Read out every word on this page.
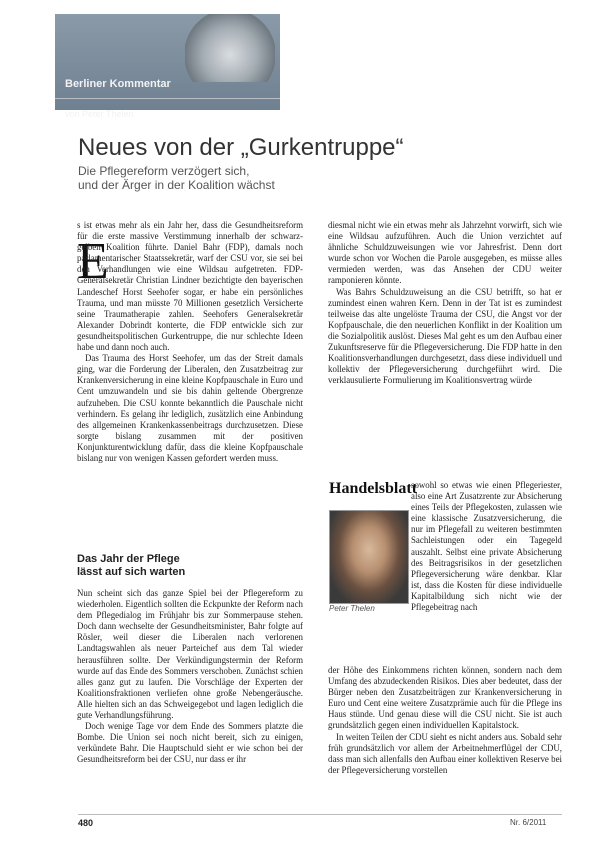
Berliner Kommentar
von Peter Thelen
Neues von der „Gurkentruppe“
Die Pflegereform verzögert sich,
und der Ärger in der Koalition wächst
E

s ist etwas mehr als ein Jahr her, dass die Gesundheitsreform für die erste massive Verstimmung innerhalb der schwarz-gelben Koalition führte. Daniel Bahr (FDP), damals noch parlamentarischer Staatssekretär, warf der CSU vor, sie sei bei den Verhandlungen wie eine Wildsau aufgetreten. FDP-Generalsekretär Christian Lindner bezichtigte den bayerischen Landeschef Horst Seehofer sogar, er habe ein persönliches Trauma, und man müsste 70 Millionen gesetzlich Versicherte seine Traumatherapie zahlen. Seehofers Generalsekretär Alexander Dobrindt konterte, die FDP entwickle sich zur gesundheitspolitischen Gurkentruppe, die nur schlechte Ideen habe und dann noch auch.

Das Trauma des Horst Seehofer, um das der Streit damals ging, war die Forderung der Liberalen, den Zusatzbeitrag zur Krankenversicherung in eine kleine Kopfpauschale in Euro und Cent umzuwandeln und sie bis dahin geltende Obergrenze aufzuheben. Die CSU konnte bekanntlich die Pauschale nicht verhindern. Es gelang ihr lediglich, zusätzlich eine Anbindung des allgemeinen Krankenkassenbeitrags durchzusetzen. Diese sorgte bislang zusammen mit der positiven Konjunkturentwicklung dafür, dass die kleine Kopfpauschale bislang nur von wenigen Kassen gefordert werden muss.

Das Jahr der Pflege
lässt auf sich warten

Nun scheint sich das ganze Spiel bei der Pflegereform zu wiederholen. Eigentlich sollten die Eckpunkte der Reform nach dem Pflegedialog im Frühjahr bis zur Sommerpause stehen. Doch dann wechselte der Gesundheitsminister, Bahr folgte auf Rösler, weil dieser die Liberalen nach verlorenen Landtagswahlen als neuer Parteichef aus dem Tal wieder herausführen sollte. Der Verkündigungstermin der Reform wurde auf das Ende des Sommers verschoben. Zunächst schien alles ganz gut zu laufen. Die Vorschläge der Experten der Koalitionsfraktionen verliefen ohne große Nebengeräusche. Alle hielten sich an das Schweigegebot und lagen lediglich die gute Verhandlungsführung.

Doch wenige Tage vor dem Ende des Sommers platzte die Bombe. Die Union sei noch nicht bereit, sich zu einigen, verkündete Bahr. Die Hauptschuld sieht er wie schon bei der Gesundheitsreform bei der CSU, nur dass er ihr

diesmal nicht wie ein etwas mehr als Jahrzehnt vorwirft, sich wie eine Wildsau aufzuführen. Auch die Union verzichtet auf ähnliche Schuldzuweisungen wie vor Jahresfrist. Denn dort wurde schon vor Wochen die Parole ausgegeben, es müsse alles vermieden werden, was das Ansehen der CDU weiter ramponieren könnte.

Was Bahrs Schuldzuweisung an die CSU betrifft, so hat er zumindest einen wahren Kern. Denn in der Tat ist es zumindest teilweise das alte ungelöste Trauma der CSU, die Angst vor der Kopfpauschale, die den neuerlichen Konflikt in der Koalition um die Sozialpolitik auslöst. Dieses Mal geht es um den Aufbau einer Zukunftsreserve für die Pflegeversicherung. Die FDP hatte in den Koalitionsverhandlungen durchgesetzt, dass diese individuell und kollektiv der Pflegeversicherung durchgeführt wird. Die verklausulierte Formulierung im Koalitionsvertrag würde

Handelsblatt
Peter Thelen

sowohl so etwas wie einen Pflegeriester, also eine Art Zusatzrente zur Absicherung eines Teils der Pflegekosten, zulassen wie eine klassische Zusatzversicherung, die nur im Pflegefall zu weiteren bestimmten Sachleistungen oder ein Tagegeld auszahlt. Selbst eine private Absicherung des Beitragsrisikos in der gesetzlichen Pflegeversicherung wäre denkbar. Klar ist, dass die Kosten für diese individuelle Kapitalbildung sich nicht wie der Pflegebeitrag nach

der Höhe des Einkommens richten können, sondern nach dem Umfang des abzudeckenden Risikos. Dies aber bedeutet, dass der Bürger neben den Zusatzbeiträgen zur Krankenversicherung in Euro und Cent eine weitere Zusatzprämie auch für die Pflege ins Haus stünde. Und genau diese will die CSU nicht. Sie ist auch grundsätzlich gegen einen individuellen Kapitalstock.

In weiten Teilen der CDU sieht es nicht anders aus. Sobald sehr früh grundsätzlich vor allem der Arbeitnehmerflügel der CDU, dass man sich allenfalls den Aufbau einer kollektiven Reserve bei der Pflegeversicherung vorstellen

480	Nr. 6/2011
